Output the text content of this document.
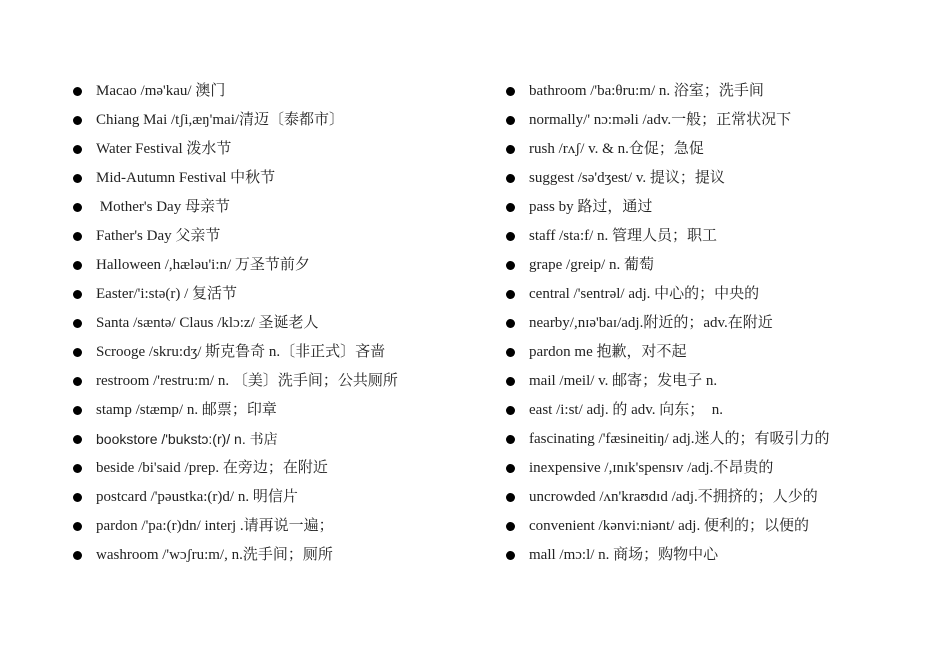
Macao /mə'kau/ 澳门
Chiang Mai /tʃi,æŋ'mai/清迈〔泰都市〕
Water Festival 泼水节
Mid-Autumn Festival 中秋节
Mother's Day 母亲节
Father's Day 父亲节
Halloween /,hæləu'i:n/ 万圣节前夕
Easter/'i:stə(r) / 复活节
Santa /sæntə/ Claus /klɔ:z/ 圣诞老人
Scrooge /skru:dʒ/ 斯克鲁奇 n.〔非正式〕吝啬
restroom /'restru:m/ n. 〔美〕洗手间；公共厕所
stamp /stæmp/ n. 邮票；印章
bookstore /'bukstɔ:(r)/ n. 书店
beside /bi'said /prep. 在旁边；在附近
postcard /'pəustka:(r)d/ n. 明信片
pardon /'pa:(r)dn/ interj .请再说一遍；
washroom /'wɔʃru:m/, n.洗手间；厕所
bathroom /'ba:θru:m/ n. 浴室；洗手间
normally/' nɔ:məli /adv.一般；正常状况下
rush /rʌʃ/ v. & n.仓促；急促
suggest /sə'dʒest/ v. 提议；提议
pass by 路过，通过
staff /sta:f/ n. 管理人员；职工
grape /greip/ n. 葡萄
central /'sentrəl/ adj. 中心的；中央的
nearby/,nɪə'baɪ/adj.附近的；adv.在附近
pardon me 抱歉，对不起
mail /meil/ v. 邮寄；发电子 n.
east /i:st/ adj. 的 adv. 向东；  n.
fascinating /'fæsineitiŋ/ adj.迷人的；有吸引力的
inexpensive /,ɪnɪk'spensɪv /adj.不昂贵的
uncrowded /ʌn'kraʊdɪd /adj.不拥挤的；人少的
convenient /kənvi:niənt/ adj. 便利的；以便的
mall /mɔ:l/ n. 商场；购物中心
